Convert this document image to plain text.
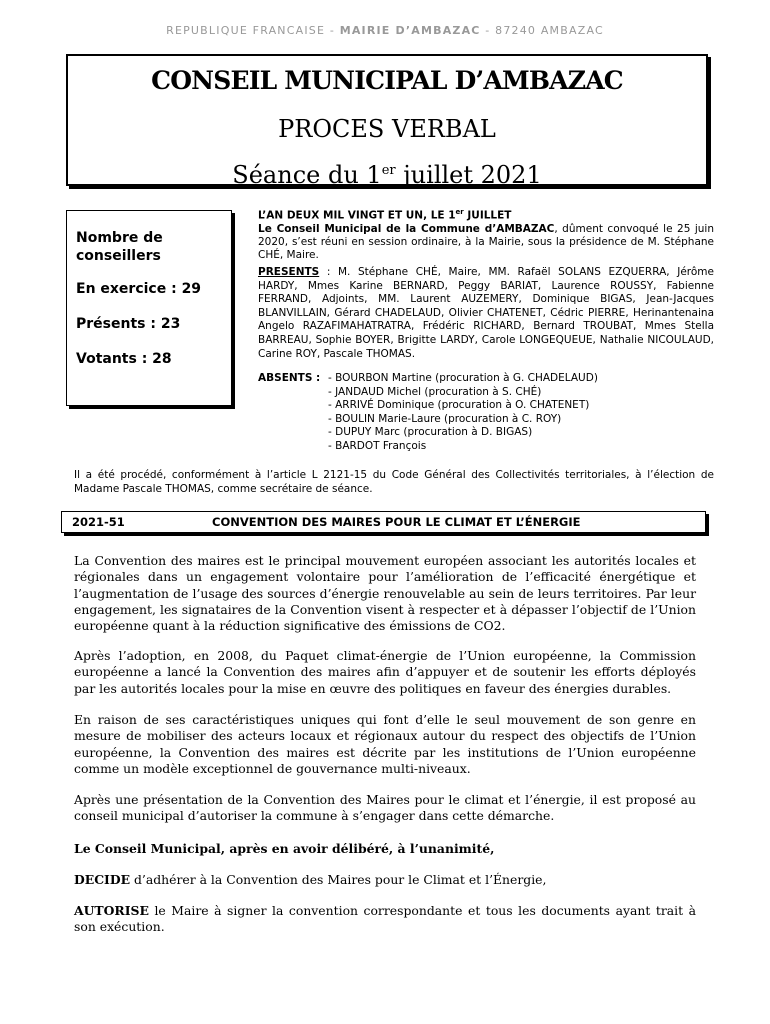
REPUBLIQUE FRANCAISE - MAIRIE D’AMBAZAC - 87240 AMBAZAC
CONSEIL MUNICIPAL D’AMBAZAC
PROCES VERBAL
Séance du 1er juillet 2021
Nombre de conseillers
En exercice : 29
Présents : 23
Votants : 28
L’AN DEUX MIL VINGT ET UN, LE 1er JUILLET
Le Conseil Municipal de la Commune d’AMBAZAC, dûment convoqué le 25 juin 2020, s’est réuni en session ordinaire, à la Mairie, sous la présidence de M. Stéphane CHÉ, Maire.
PRESENTS : M. Stéphane CHÉ, Maire, MM. Rafaël SOLANS EZQUERRA, Jérôme HARDY, Mmes Karine BERNARD, Peggy BARIAT, Laurence ROUSSY, Fabienne FERRAND, Adjoints, MM. Laurent AUZEMERY, Dominique BIGAS, Jean-Jacques BLANVILLAIN, Gérard CHADELAUD, Olivier CHATENET, Cédric PIERRE, Herinantenaina Angelo RAZAFIMAHATRATRA, Frédéric RICHARD, Bernard TROUBAT, Mmes Stella BARREAU, Sophie BOYER, Brigitte LARDY, Carole LONGEQUEUE, Nathalie NICOULAUD, Carine ROY, Pascale THOMAS.
ABSENTS : - BOURBON Martine (procuration à G. CHADELAUD)
- JANDAUD Michel (procuration à S. CHÉ)
- ARRIVÉ Dominique (procuration à O. CHATENET)
- BOULIN Marie-Laure (procuration à C. ROY)
- DUPUY Marc (procuration à D. BIGAS)
- BARDOT François
Il a été procédé, conformément à l’article L 2121-15 du Code Général des Collectivités territoriales, à l’élection de Madame Pascale THOMAS, comme secrétaire de séance.
2021-51	CONVENTION DES MAIRES POUR LE CLIMAT ET L’ÉNERGIE
La Convention des maires est le principal mouvement européen associant les autorités locales et régionales dans un engagement volontaire pour l’amélioration de l’efficacité énergétique et l’augmentation de l’usage des sources d’énergie renouvelable au sein de leurs territoires. Par leur engagement, les signataires de la Convention visent à respecter et à dépasser l’objectif de l’Union européenne quant à la réduction significative des émissions de CO2.
Après l’adoption, en 2008, du Paquet climat-énergie de l’Union européenne, la Commission européenne a lancé la Convention des maires afin d’appuyer et de soutenir les efforts déployés par les autorités locales pour la mise en œuvre des politiques en faveur des énergies durables.
En raison de ses caractéristiques uniques qui font d’elle le seul mouvement de son genre en mesure de mobiliser des acteurs locaux et régionaux autour du respect des objectifs de l’Union européenne, la Convention des maires est décrite par les institutions de l’Union européenne comme un modèle exceptionnel de gouvernance multi-niveaux.
Après une présentation de la Convention des Maires pour le climat et l’énergie, il est proposé au conseil municipal d’autoriser la commune à s’engager dans cette démarche.
Le Conseil Municipal, après en avoir délibéré, à l’unanimité,
DECIDE d’adhérer à la Convention des Maires pour le Climat et l’Énergie,
AUTORISE le Maire à signer la convention correspondante et tous les documents ayant trait à son exécution.
